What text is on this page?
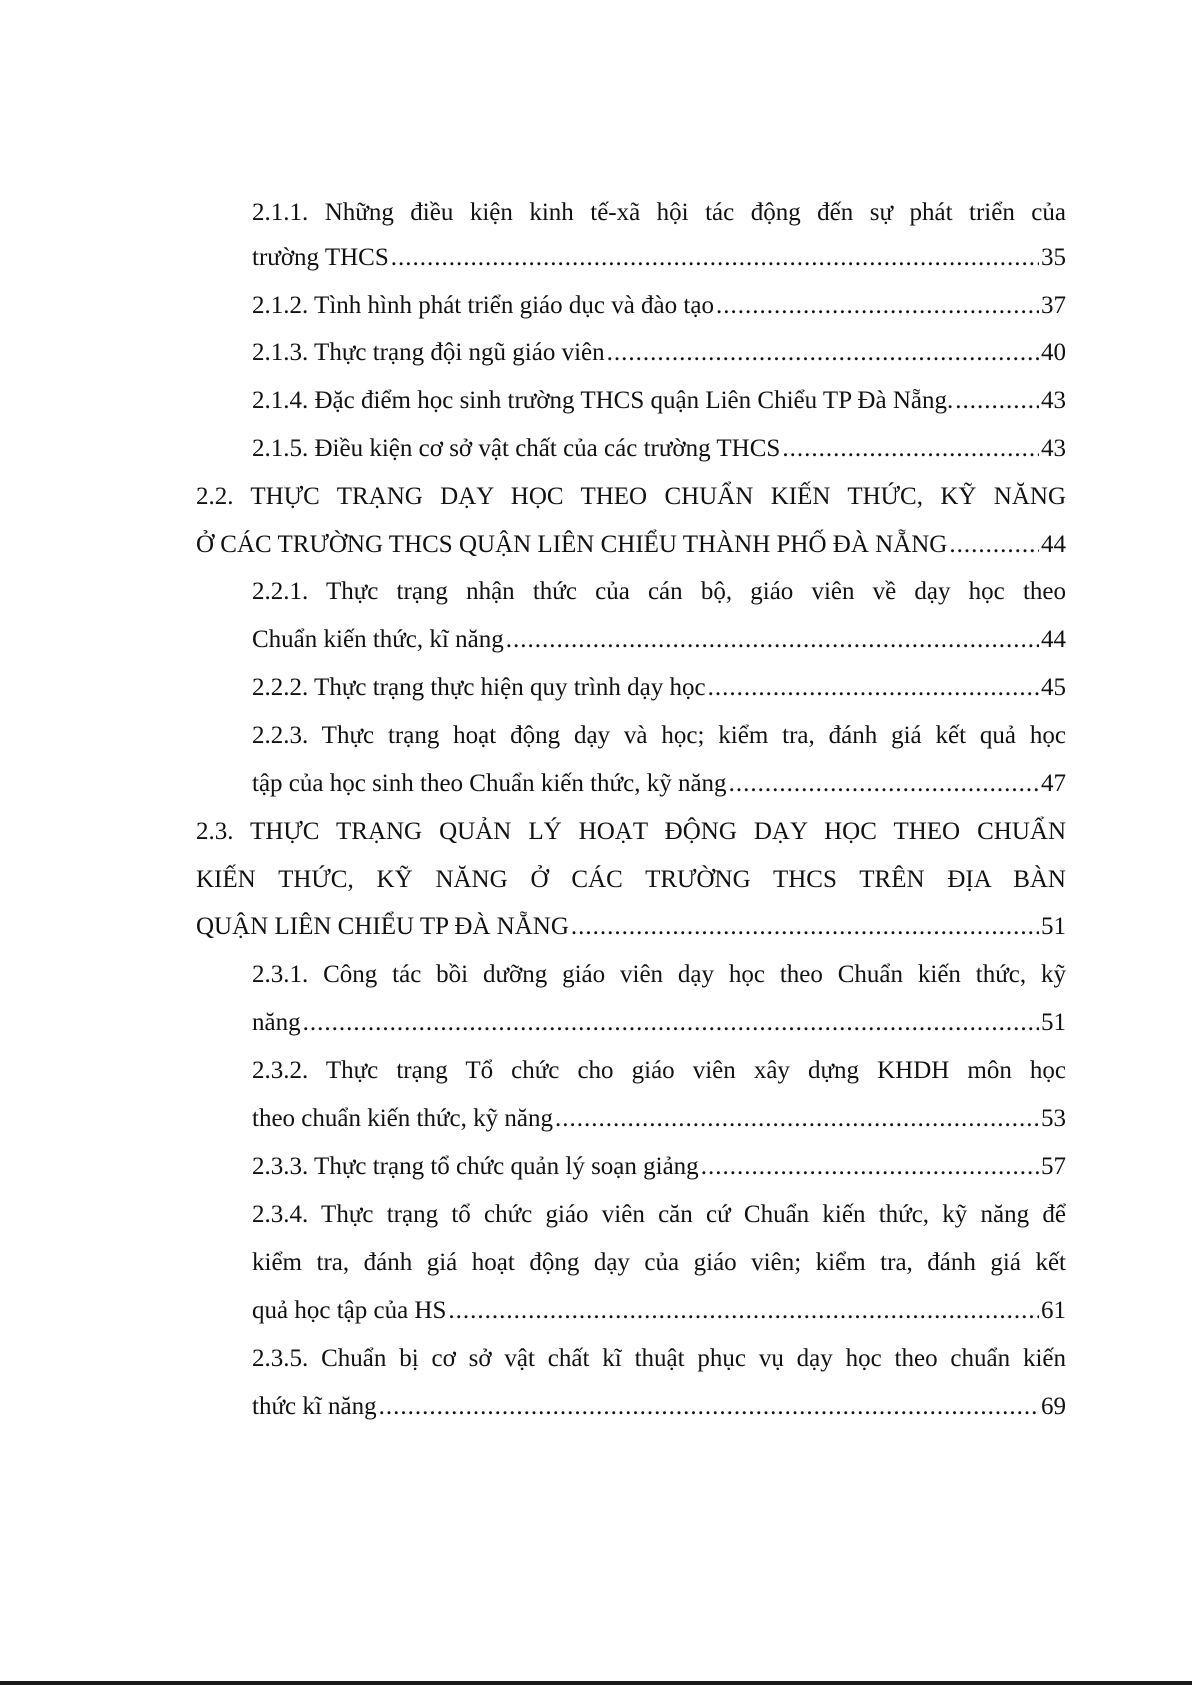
2.1.1. Những điều kiện kinh tế-xã hội tác động đến sự phát triển của
trường THCS .....	35
2.1.2. Tình hình phát triển giáo dục và đào tạo .....	37
2.1.3. Thực trạng đội ngũ giáo viên .....	40
2.1.4. Đặc điểm học sinh trường THCS quận Liên Chiểu TP Đà Nẵng. .....	43
2.1.5. Điều kiện cơ sở vật chất của các trường THCS .....	43
2.2. THỰC TRẠNG DẠY HỌC THEO CHUẨN KIẾN THỨC, KỸ NĂNG
Ở CÁC TRƯỜNG THCS QUẬN LIÊN CHIỂU THÀNH PHỐ ĐÀ NẴNG .....	44
2.2.1. Thực trạng nhận thức của cán bộ, giáo viên về dạy học theo
Chuẩn kiến thức, kĩ năng .....	44
2.2.2. Thực trạng thực hiện quy trình dạy học .....	45
2.2.3. Thực trạng hoạt động dạy và học; kiểm tra, đánh giá kết quả học
tập của học sinh theo Chuẩn kiến thức, kỹ năng .....	47
2.3. THỰC TRẠNG QUẢN LÝ HOẠT ĐỘNG DẠY HỌC THEO CHUẨN
KIẾN THỨC, KỸ NĂNG Ở CÁC TRƯỜNG THCS TRÊN ĐỊA BÀN
QUẬN LIÊN CHIỂU TP ĐÀ NẴNG .....	51
2.3.1. Công tác bồi dưỡng giáo viên dạy học theo Chuẩn kiến thức, kỹ
năng .....	51
2.3.2. Thực trạng Tổ chức cho giáo viên xây dựng KHDH môn học
theo chuẩn kiến thức, kỹ năng .....	53
2.3.3. Thực trạng tổ chức quản lý soạn giảng .....	57
2.3.4. Thực trạng tổ chức giáo viên căn cứ Chuẩn kiến thức, kỹ năng để
kiểm tra, đánh giá hoạt động dạy của giáo viên; kiểm tra, đánh giá kết
quả học tập của HS .....	61
2.3.5. Chuẩn bị cơ sở vật chất kĩ thuật phục vụ dạy học theo chuẩn kiến
thức kĩ năng .....	69
